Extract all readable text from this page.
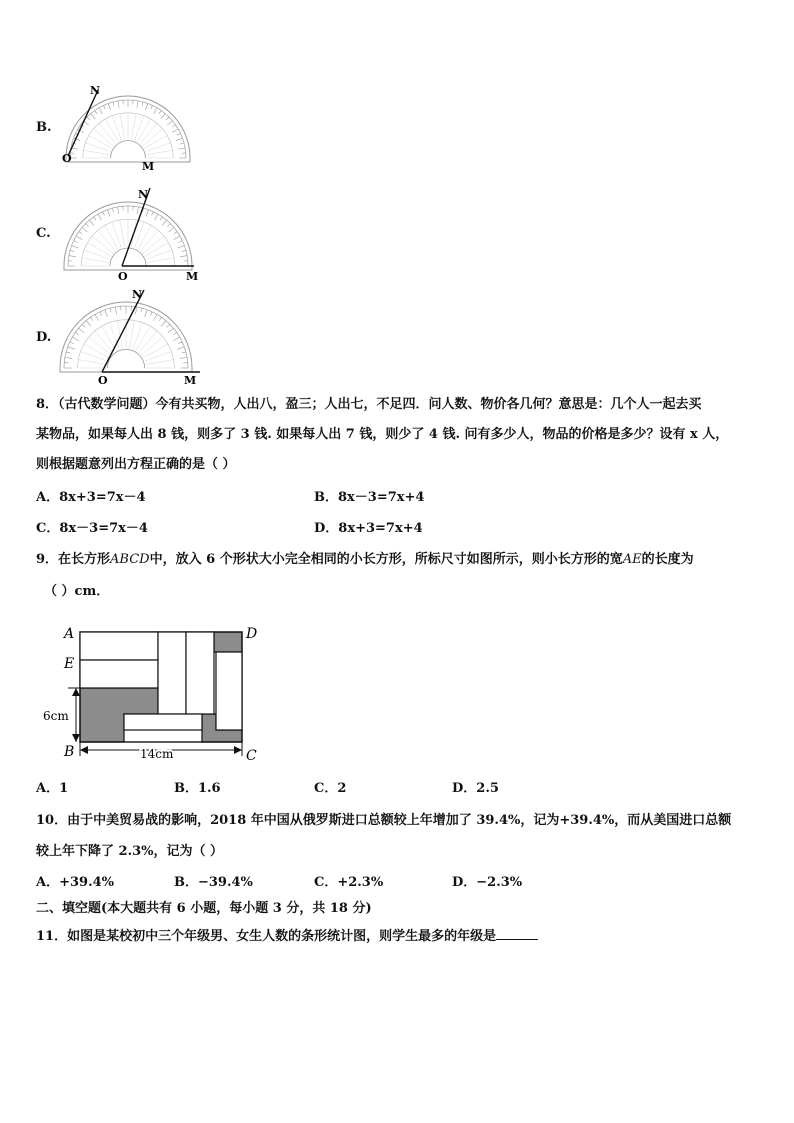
B.
N
O
M
C.
N
O	M
D.
N
O	M
8．（古代数学问题）今有共买物，人出八，盈三；人出七，不足四．问人数、物价各几何？意思是：几个人一起去买
某物品，如果每人出 8 钱，则多了 3 钱. 如果每人出 7 钱，则少了 4 钱. 问有多少人，物品的价格是多少？设有 x 人，
则根据题意列出方程正确的是（ ）
A．8x+3=7x－4	B．8x－3=7x+4
C．8x－3=7x－4	D．8x+3=7x+4
9．在长方形ABCD中，放入 6 个形状大小完全相同的小长方形，所标尺寸如图所示，则小长方形的宽AE的长度为
（ ）cm．
A	D
E
B	C
6cm
14cm
A．1	B．1.6	C．2	D．2.5
10．由于中美贸易战的影响，2018 年中国从俄罗斯进口总额较上年增加了 39.4%，记为+39.4%，而从美国进口总额
较上年下降了 2.3%，记为（ ）
A．+39.4%	B．−39.4%	C．+2.3%	D．−2.3%
二、填空题(本大题共有 6 小题，每小题 3 分，共 18 分)
11．如图是某校初中三个年级男、女生人数的条形统计图，则学生最多的年级是
